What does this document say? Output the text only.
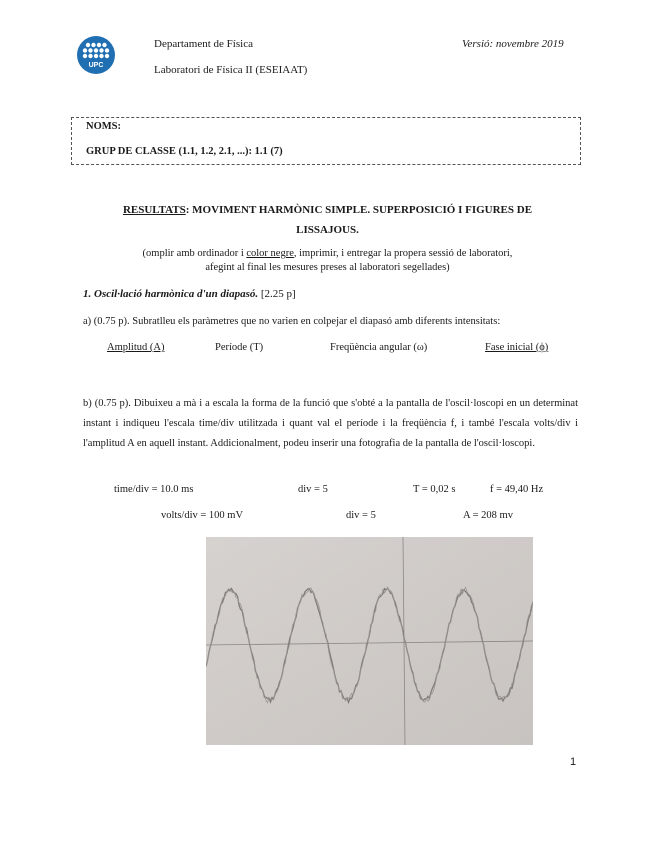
UPC
Departament de Física
Laboratori de Física II (ESEIAAT)
Versió: novembre 2019
NOMS:
GRUP DE CLASSE (1.1, 1.2, 2.1, ...): 1.1 (7)
RESULTATS: MOVIMENT HARMÒNIC SIMPLE. SUPERPOSICIÓ I FIGURES DE LISSAJOUS.
(omplir amb ordinador i color negre, imprimir, i entregar la propera sessió de laboratori,
afegint al final les mesures preses al laboratori segellades)
1. Oscil·lació harmònica d'un diapasó. [2.25 p]
a) (0.75 p). Subratlleu els paràmetres que no varien en colpejar el diapasó amb diferents intensitats:
Amplitud (A)	Període (T)	Freqüència angular (ω)	Fase inicial (ϕ)
b) (0.75 p). Dibuixeu a mà i a escala la forma de la funció que s'obté a la pantalla de l'oscil·loscopi en un determinat instant i indiqueu l'escala time/div utilitzada i quant val el període i la freqüència f, i també l'escala volts/div i l'amplitud A en aquell instant. Addicionalment, podeu inserir una fotografia de la pantalla de l'oscil·loscopi.
time/div = 10.0 ms	div = 5	T = 0,02 s	f = 49,40 Hz
volts/div = 100 mV	div = 5	A = 208 mv
1
